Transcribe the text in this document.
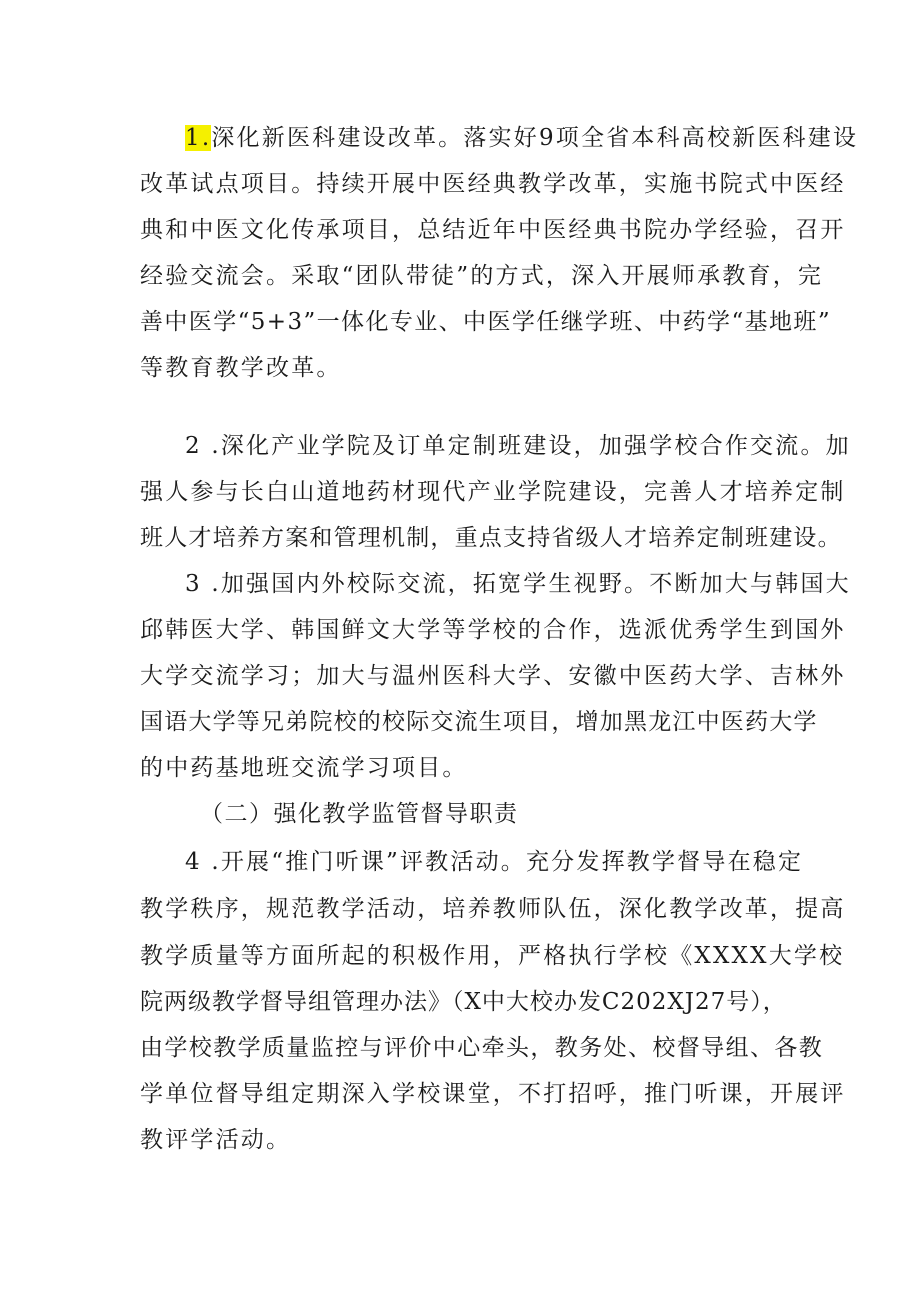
1.深化新医科建设改革。落实好9项全省本科高校新医科建设
改革试点项目。持续开展中医经典教学改革，实施书院式中医经
典和中医文化传承项目，总结近年中医经典书院办学经验，召开
经验交流会。采取“团队带徒”的方式，深入开展师承教育，完
善中医学“5+3”一体化专业、中医学任继学班、中药学“基地班”
等教育教学改革。
2 .深化产业学院及订单定制班建设，加强学校合作交流。加
强人参与长白山道地药材现代产业学院建设，完善人才培养定制
班人才培养方案和管理机制，重点支持省级人才培养定制班建设。
3 .加强国内外校际交流，拓宽学生视野。不断加大与韩国大
邱韩医大学、韩国鲜文大学等学校的合作，选派优秀学生到国外
大学交流学习；加大与温州医科大学、安徽中医药大学、吉林外
国语大学等兄弟院校的校际交流生项目，增加黑龙江中医药大学
的中药基地班交流学习项目。
（二）强化教学监管督导职责
4 .开展“推门听课”评教活动。充分发挥教学督导在稳定
教学秩序，规范教学活动，培养教师队伍，深化教学改革，提高
教学质量等方面所起的积极作用，严格执行学校《XXXX大学校
院两级教学督导组管理办法》（X中大校办发C202XJ27号），
由学校教学质量监控与评价中心牵头，教务处、校督导组、各教
学单位督导组定期深入学校课堂，不打招呼，推门听课，开展评
教评学活动。
